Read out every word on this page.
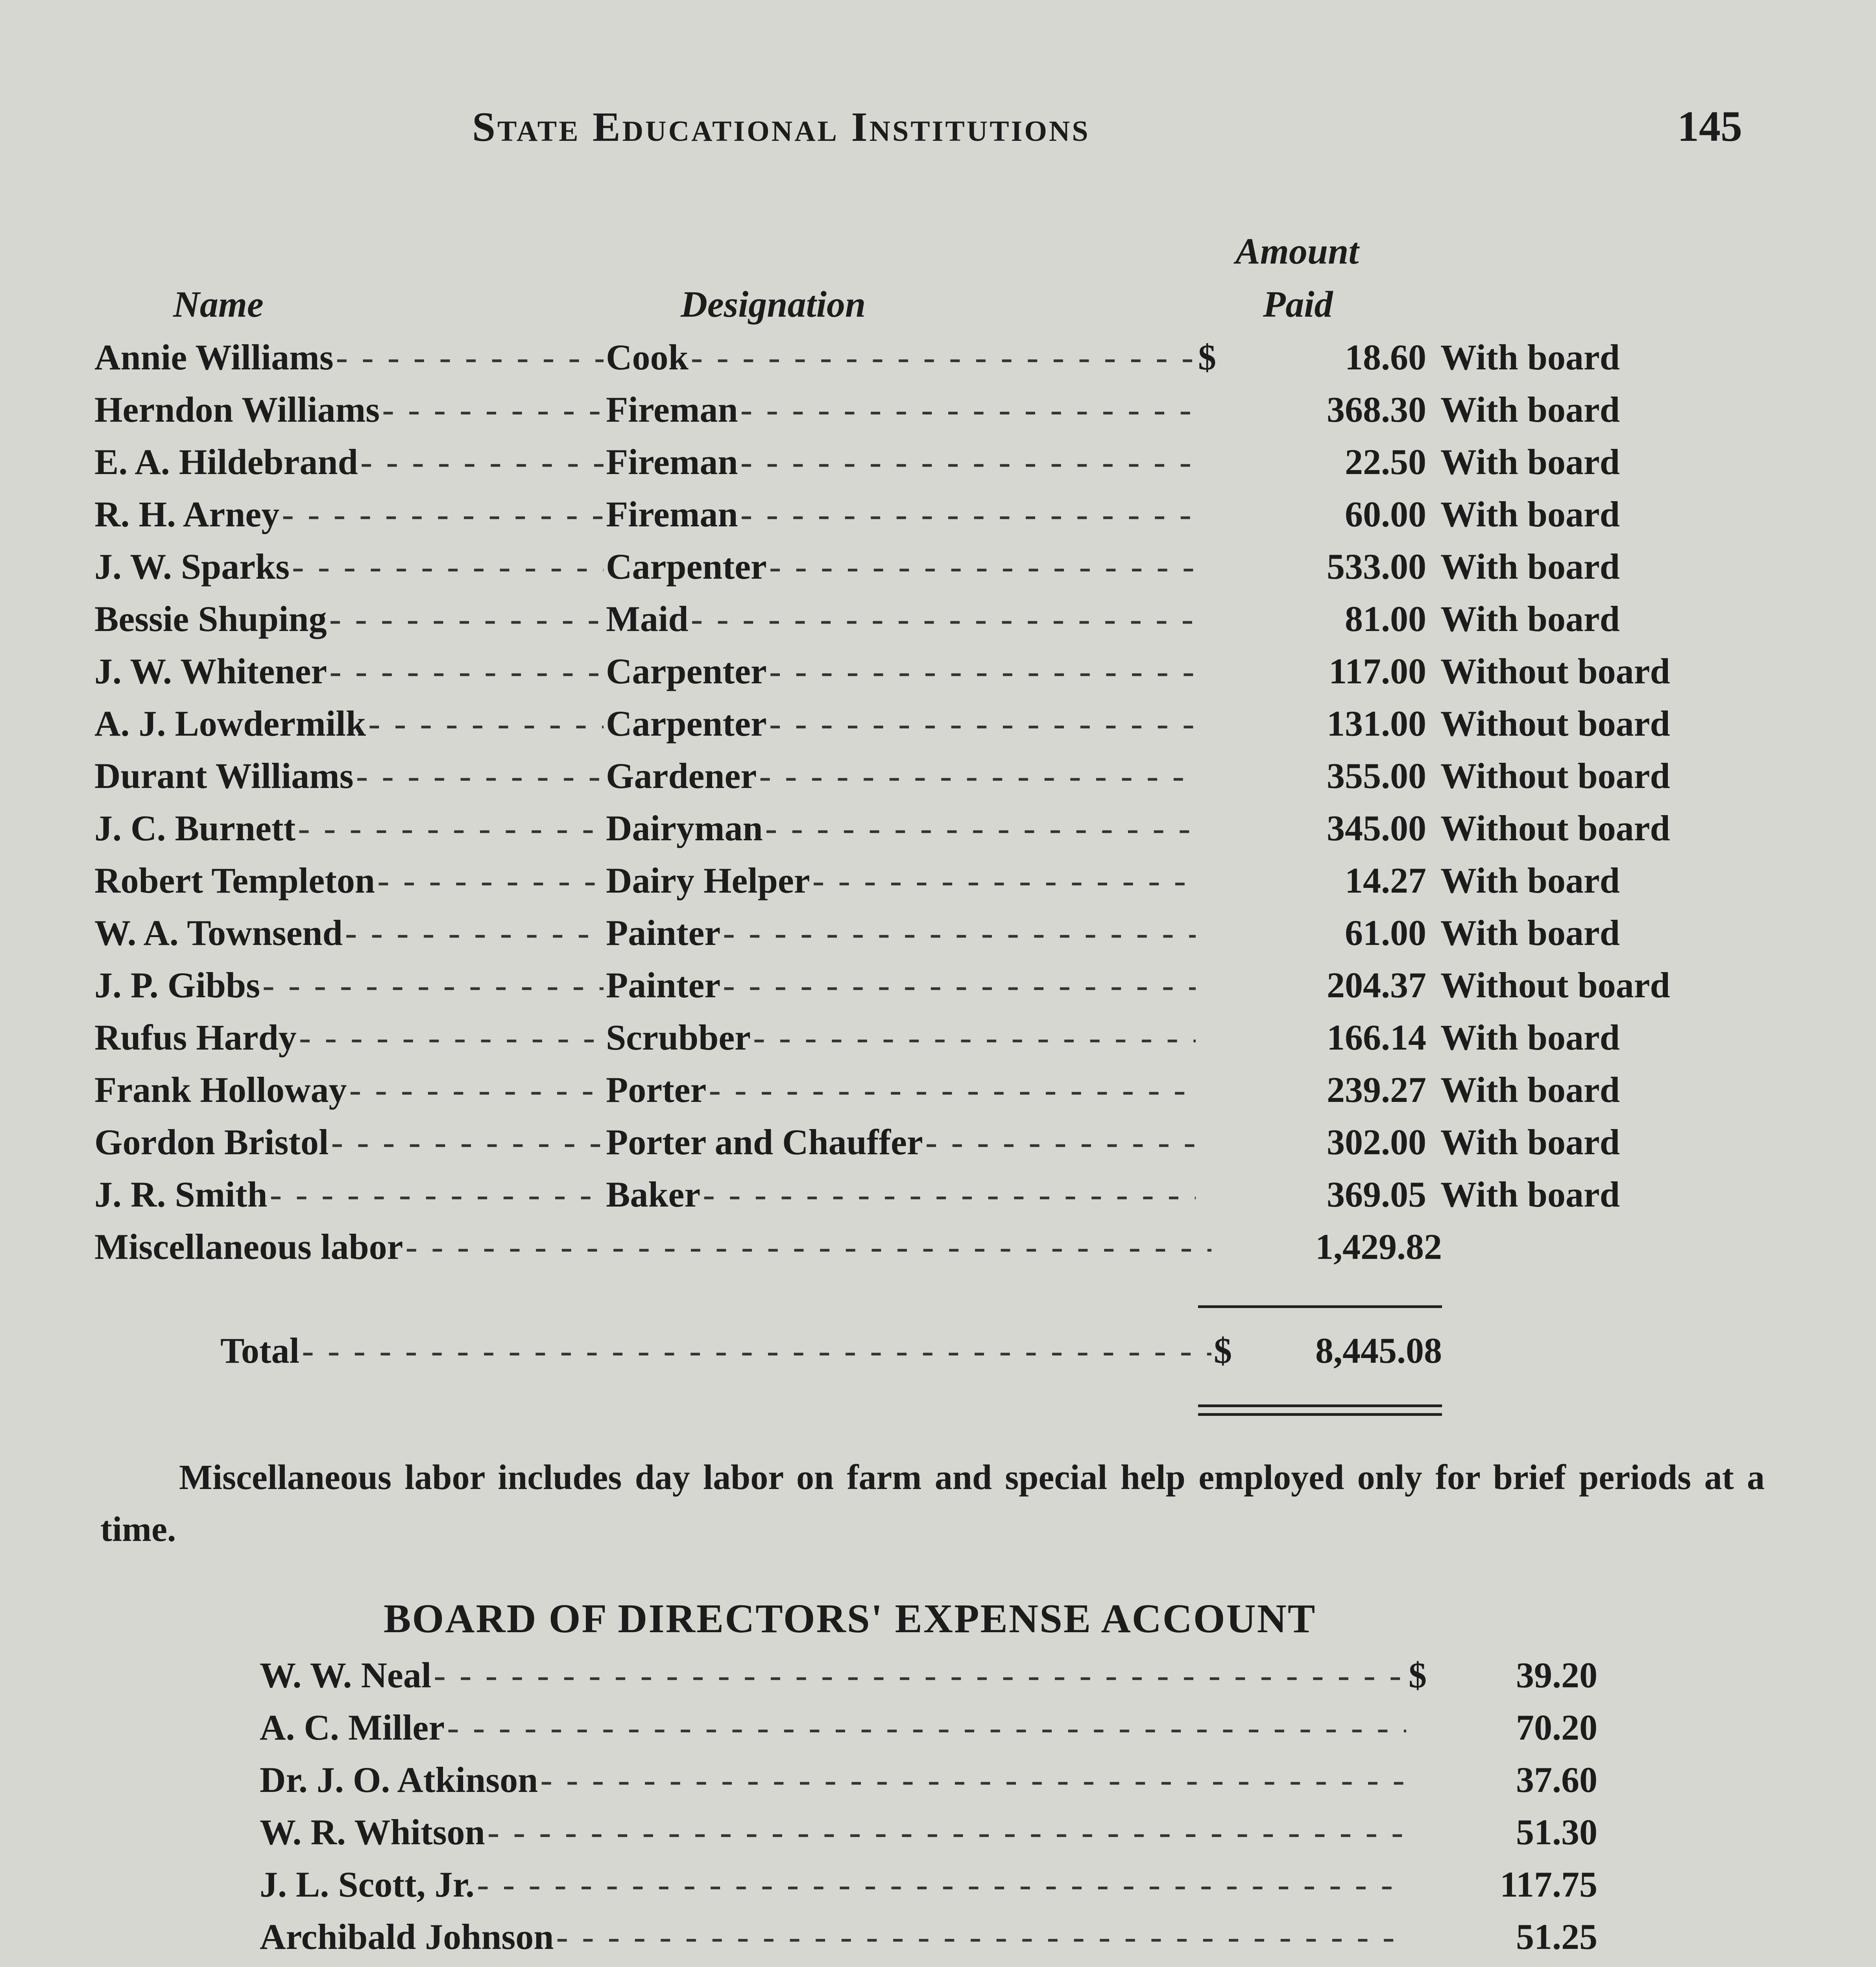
State Educational Institutions	145
Amount
Name	Designation	Paid
Annie Williams - - -	Cook - - -	$	18.60 With board
Herndon Williams - - -	Fireman - - -	368.30 With board
E. A. Hildebrand - - -	Fireman - - -	22.50 With board
R. H. Arney - - -	Fireman - - -	60.00 With board
J. W. Sparks - - -	Carpenter - - -	533.00 With board
Bessie Shuping - - -	Maid - - -	81.00 With board
J. W. Whitener - - -	Carpenter - - -	117.00 Without board
A. J. Lowdermilk - - -	Carpenter - - -	131.00 Without board
Durant Williams - - -	Gardener - - -	355.00 Without board
J. C. Burnett - - -	Dairyman - - -	345.00 Without board
Robert Templeton - - -	Dairy Helper - - -	14.27 With board
W. A. Townsend - - -	Painter - - -	61.00 With board
J. P. Gibbs - - -	Painter - - -	204.37 Without board
Rufus Hardy - - -	Scrubber - - -	166.14 With board
Frank Holloway - - -	Porter - - -	239.27 With board
Gordon Bristol - - -	Porter and Chauffer - - -	302.00 With board
J. R. Smith - - -	Baker - - -	369.05 With board
Miscellaneous labor - - -	1,429.82
Total - - -	$	8,445.08
Miscellaneous labor includes day labor on farm and special help employed only for brief periods at a time.
BOARD OF DIRECTORS' EXPENSE ACCOUNT
W. W. Neal - - -	$	39.20
A. C. Miller - - -	70.20
Dr. J. O. Atkinson - - -	37.60
W. R. Whitson - - -	51.30
J. L. Scott, Jr. - - -	117.75
Archibald Johnson - - -	51.25
